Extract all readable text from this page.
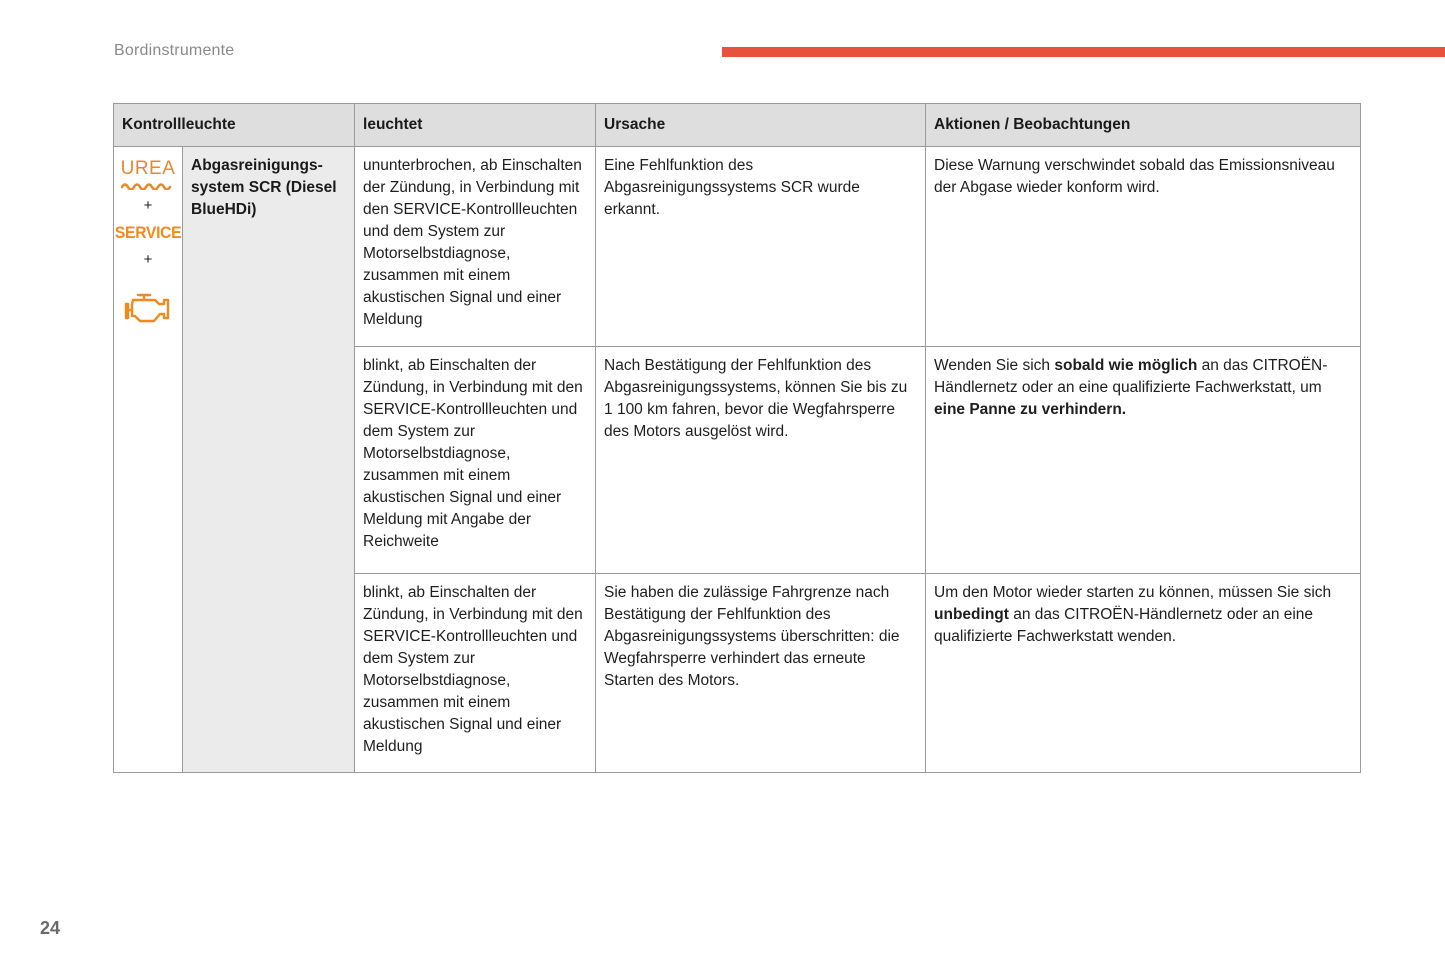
Bordinstrumente
Kontrollleuchte		leuchtet	Ursache	Aktionen / Beobachtungen

UREA
+
SERVICE
+	Abgasreinigungs-system SCR (Diesel BlueHDi)	ununterbrochen, ab Einschalten der Zündung, in Verbindung mit den SERVICE-Kontrollleuchten und dem System zur Motorselbstdiagnose, zusammen mit einem akustischen Signal und einer Meldung	Eine Fehlfunktion des Abgasreinigungssystems SCR wurde erkannt.	Diese Warnung verschwindet sobald das Emissionsniveau der Abgase wieder konform wird.
		blinkt, ab Einschalten der Zündung, in Verbindung mit den SERVICE-Kontrollleuchten und dem System zur Motorselbstdiagnose, zusammen mit einem akustischen Signal und einer Meldung mit Angabe der Reichweite	Nach Bestätigung der Fehlfunktion des Abgasreinigungssystems, können Sie bis zu 1 100 km fahren, bevor die Wegfahrsperre des Motors ausgelöst wird.	Wenden Sie sich sobald wie möglich an das CITROËN-Händlernetz oder an eine qualifizierte Fachwerkstatt, um eine Panne zu verhindern.
		blinkt, ab Einschalten der Zündung, in Verbindung mit den SERVICE-Kontrollleuchten und dem System zur Motorselbstdiagnose, zusammen mit einem akustischen Signal und einer Meldung	Sie haben die zulässige Fahrgrenze nach Bestätigung der Fehlfunktion des Abgasreinigungssystems überschritten: die Wegfahrsperre verhindert das erneute Starten des Motors.	Um den Motor wieder starten zu können, müssen Sie sich unbedingt an das CITROËN-Händlernetz oder an eine qualifizierte Fachwerkstatt wenden.
24
